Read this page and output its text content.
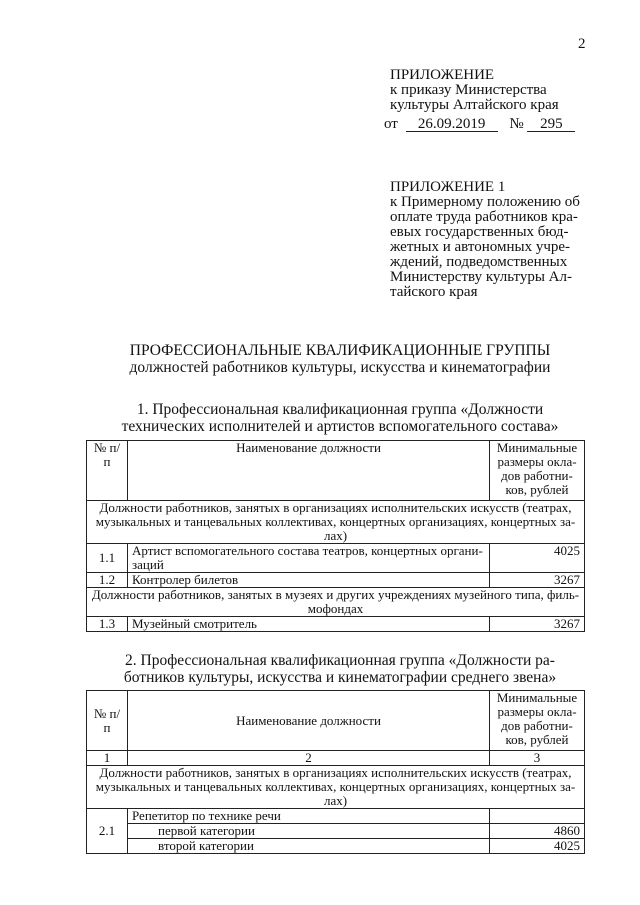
2
ПРИЛОЖЕНИЕ
к приказу Министерства
культуры Алтайского края
от 26.09.2019 № 295
ПРИЛОЖЕНИЕ 1
к Примерному положению об
оплате труда работников кра-
евых государственных бюд-
жетных и автономных учре-
ждений, подведомственных
Министерству культуры Ал-
тайского края
ПРОФЕССИОНАЛЬНЫЕ КВАЛИФИКАЦИОННЫЕ ГРУППЫ
должностей работников культуры, искусства и кинематографии
1. Профессиональная квалификационная группа «Должности
технических исполнителей и артистов вспомогательного состава»
№ п/п	Наименование должности	Минимальные размеры окла-дов работни-ков, рублей
Должности работников, занятых в организациях исполнительских искусств (театрах, музыкальных и танцевальных коллективах, концертных организациях, концертных за-лах)		
1.1	Артист вспомогательного состава театров, концертных органи-заций	4025
1.2	Контролер билетов	3267
Должности работников, занятых в музеях и других учреждениях музейного типа, филь-мофондах		
1.3	Музейный смотритель	3267
2. Профессиональная квалификационная группа «Должности ра-
ботников культуры, искусства и кинематографии среднего звена»
№ п/п	Наименование должности	Минимальные размеры окла-дов работни-ков, рублей
1	2	3
Должности работников, занятых в организациях исполнительских искусств (театрах, музыкальных и танцевальных коллективах, концертных организациях, концертных за-лах)		
2.1	Репетитор по технике речи	
	первой категории	4860
	второй категории	4025
